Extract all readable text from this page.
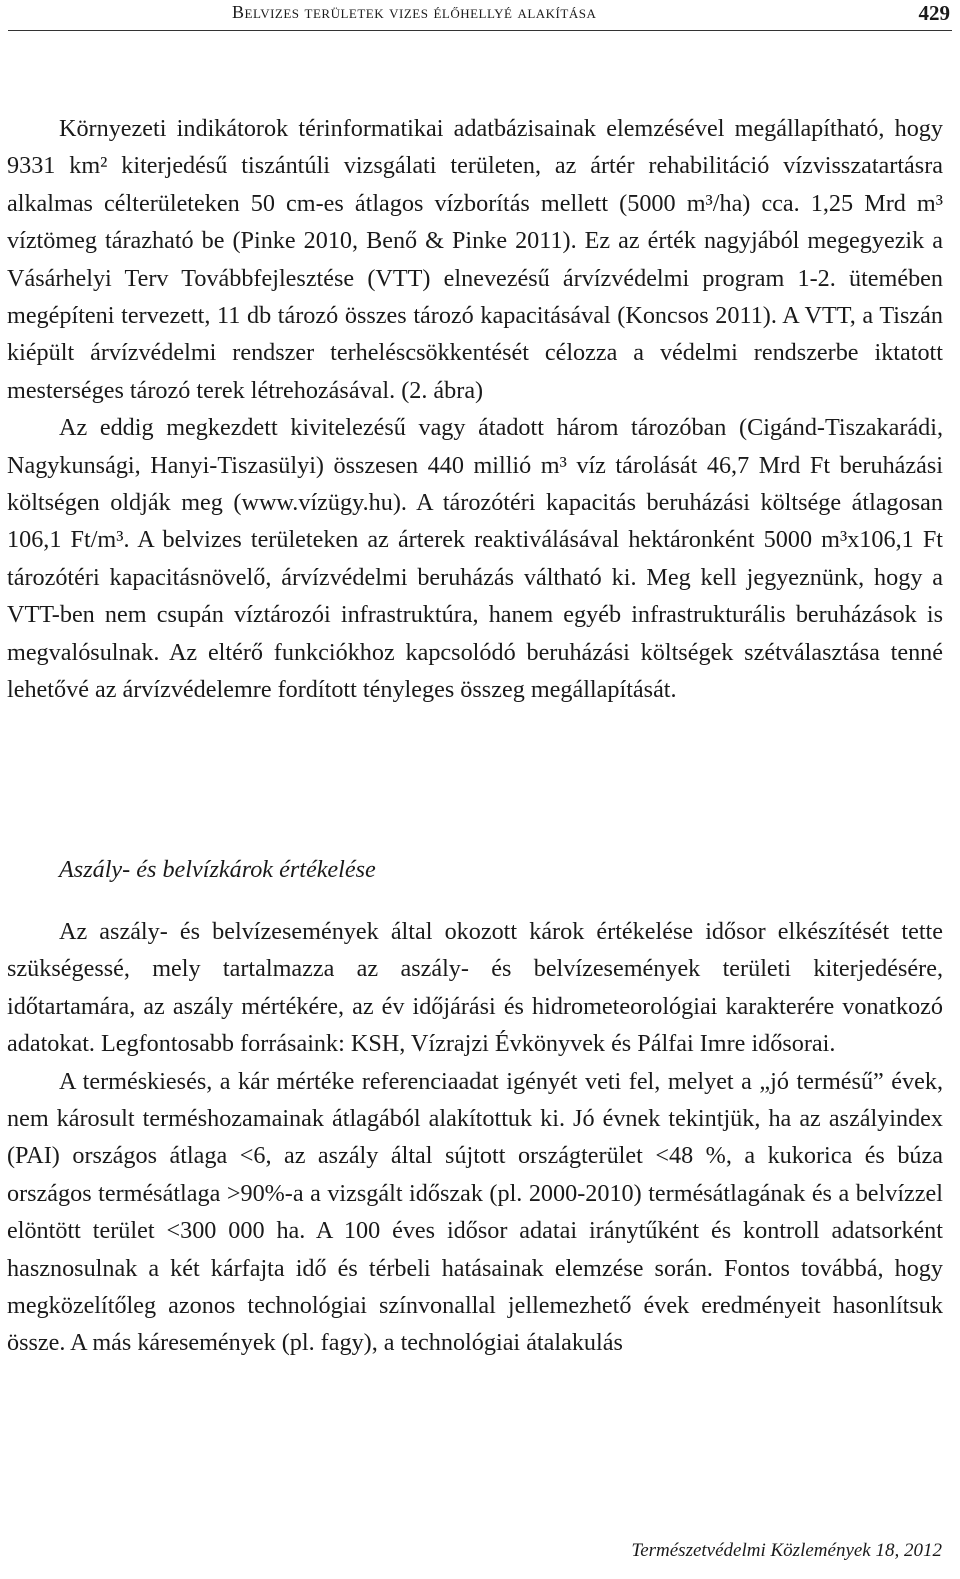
Belvizes területek vizes élőhellyé alakítása	429

Környezeti indikátorok térinformatikai adatbázisainak elemzésével megállapítható, hogy 9331 km² kiterjedésű tiszántúli vizsgálati területen, az ártér rehabilitáció vízvisszatartásra alkalmas célterületeken 50 cm-es átlagos vízborítás mellett (5000 m³/ha) cca. 1,25 Mrd m³ víztömeg tárazható be (Pinke 2010, Benő & Pinke 2011). Ez az érték nagyjából megegyezik a Vásárhelyi Terv Továbbfejlesztése (VTT) elnevezésű árvízvédelmi program 1-2. ütemében megépíteni tervezett, 11 db tározó összes tározó kapacitásával (Koncsos 2011). A VTT, a Tiszán kiépült árvízvédelmi rendszer terheléscsökkentését célozza a védelmi rendszerbe iktatott mesterséges tározó terek létrehozásával. (2. ábra)

Az eddig megkezdett kivitelezésű vagy átadott három tározóban (Cigánd-Tiszakarádi, Nagykunsági, Hanyi-Tiszasülyi) összesen 440 millió m³ víz tárolását 46,7 Mrd Ft beruházási költségen oldják meg (www.vízügy.hu). A tározótéri kapacitás beruházási költsége átlagosan 106,1 Ft/m³. A belvizes területeken az árterek reaktiválásával hektáronként 5000 m³x106,1 Ft tározótéri kapacitásnövelő, árvízvédelmi beruházás váltható ki. Meg kell jegyeznünk, hogy a VTT-ben nem csupán víztározói infrastruktúra, hanem egyéb infrastrukturális beruházások is megvalósulnak. Az eltérő funkciókhoz kapcsolódó beruházási költségek szétválasztása tenné lehetővé az árvízvédelemre fordított tényleges összeg megállapítását.

Aszály- és belvízkárok értékelése

Az aszály- és belvízesemények által okozott károk értékelése idősor elkészítését tette szükségessé, mely tartalmazza az aszály- és belvízesemények területi kiterjedésére, időtartamára, az aszály mértékére, az év időjárási és hidrometeorológiai karakterére vonatkozó adatokat. Legfontosabb forrásaink: KSH, Vízrajzi Évkönyvek és Pálfai Imre idősorai.

A terméskiesés, a kár mértéke referenciaadat igényét veti fel, melyet a „jó termésű” évek, nem károsult terméshozamainak átlagából alakítottuk ki. Jó évnek tekintjük, ha az aszályindex (PAI) országos átlaga <6, az aszály által sújtott országterület <48 %, a kukorica és búza országos termésátlaga >90%-a a vizsgált időszak (pl. 2000-2010) termésátlagának és a belvízzel elöntött terület <300 000 ha. A 100 éves idősor adatai iránytűként és kontroll adatsorként hasznosulnak a két kárfajta idő és térbeli hatásainak elemzése során. Fontos továbbá, hogy megközelítőleg azonos technológiai színvonallal jellemezhető évek eredményeit hasonlítsuk össze. A más káresemények (pl. fagy), a technológiai átalakulás

Természetvédelmi Közlemények 18, 2012
